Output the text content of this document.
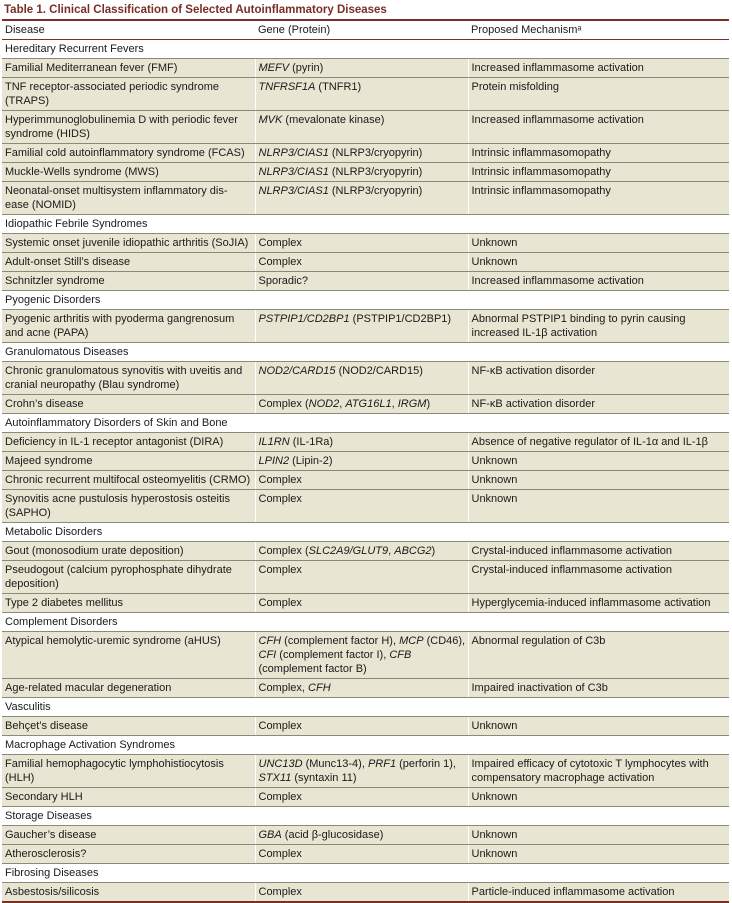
Table 1. Clinical Classification of Selected Autoinflammatory Diseases
Disease	Gene (Protein)	Proposed Mechanismᵃ
Hereditary Recurrent Fevers		
Familial Mediterranean fever (FMF)	MEFV (pyrin)	Increased inflammasome activation
TNF receptor-associated periodic syndrome (TRAPS)	TNFRSF1A (TNFR1)	Protein misfolding
Hyperimmunoglobulinemia D with periodic fever syndrome (HIDS)	MVK (mevalonate kinase)	Increased inflammasome activation
Familial cold autoinflammatory syndrome (FCAS)	NLRP3/CIAS1 (NLRP3/cryopyrin)	Intrinsic inflammasomopathy
Muckle-Wells syndrome (MWS)	NLRP3/CIAS1 (NLRP3/cryopyrin)	Intrinsic inflammasomopathy
Neonatal-onset multisystem inflammatory dis- ease (NOMID)	NLRP3/CIAS1 (NLRP3/cryopyrin)	Intrinsic inflammasomopathy
Idiopathic Febrile Syndromes		
Systemic onset juvenile idiopathic arthritis (SoJIA)	Complex	Unknown
Adult-onset Still’s disease	Complex	Unknown
Schnitzler syndrome	Sporadic?	Increased inflammasome activation
Pyogenic Disorders		
Pyogenic arthritis with pyoderma gangrenosum and acne (PAPA)	PSTPIP1/CD2BP1 (PSTPIP1/CD2BP1)	Abnormal PSTPIP1 binding to pyrin causing increased IL-1β activation
Granulomatous Diseases		
Chronic granulomatous synovitis with uveitis and cranial neuropathy (Blau syndrome)	NOD2/CARD15 (NOD2/CARD15)	NF-κB activation disorder
Crohn’s disease	Complex (NOD2, ATG16L1, IRGM)	NF-κB activation disorder
Autoinflammatory Disorders of Skin and Bone		
Deficiency in IL-1 receptor antagonist (DIRA)	IL1RN (IL-1Ra)	Absence of negative regulator of IL-1α and IL-1β
Majeed syndrome	LPIN2 (Lipin-2)	Unknown
Chronic recurrent multifocal osteomyelitis (CRMO)	Complex	Unknown
Synovitis acne pustulosis hyperostosis osteitis (SAPHO)	Complex	Unknown
Metabolic Disorders		
Gout (monosodium urate deposition)	Complex (SLC2A9/GLUT9, ABCG2)	Crystal-induced inflammasome activation
Pseudogout (calcium pyrophosphate dihydrate deposition)	Complex	Crystal-induced inflammasome activation
Type 2 diabetes mellitus	Complex	Hyperglycemia-induced inflammasome activation
Complement Disorders		
Atypical hemolytic-uremic syndrome (aHUS)	CFH (complement factor H), MCP (CD46), CFI (complement factor I), CFB (complement factor B)	Abnormal regulation of C3b
Age-related macular degeneration	Complex, CFH	Impaired inactivation of C3b
Vasculitis		
Behçet’s disease	Complex	Unknown
Macrophage Activation Syndromes		
Familial hemophagocytic lymphohistiocytosis (HLH)	UNC13D (Munc13-4), PRF1 (perforin 1), STX11 (syntaxin 11)	Impaired efficacy of cytotoxic T lymphocytes with compensatory macrophage activation
Secondary HLH	Complex	Unknown
Storage Diseases		
Gaucher’s disease	GBA (acid β-glucosidase)	Unknown
Atherosclerosis?	Complex	Unknown
Fibrosing Diseases		
Asbestosis/silicosis	Complex	Particle-induced inflammasome activation
